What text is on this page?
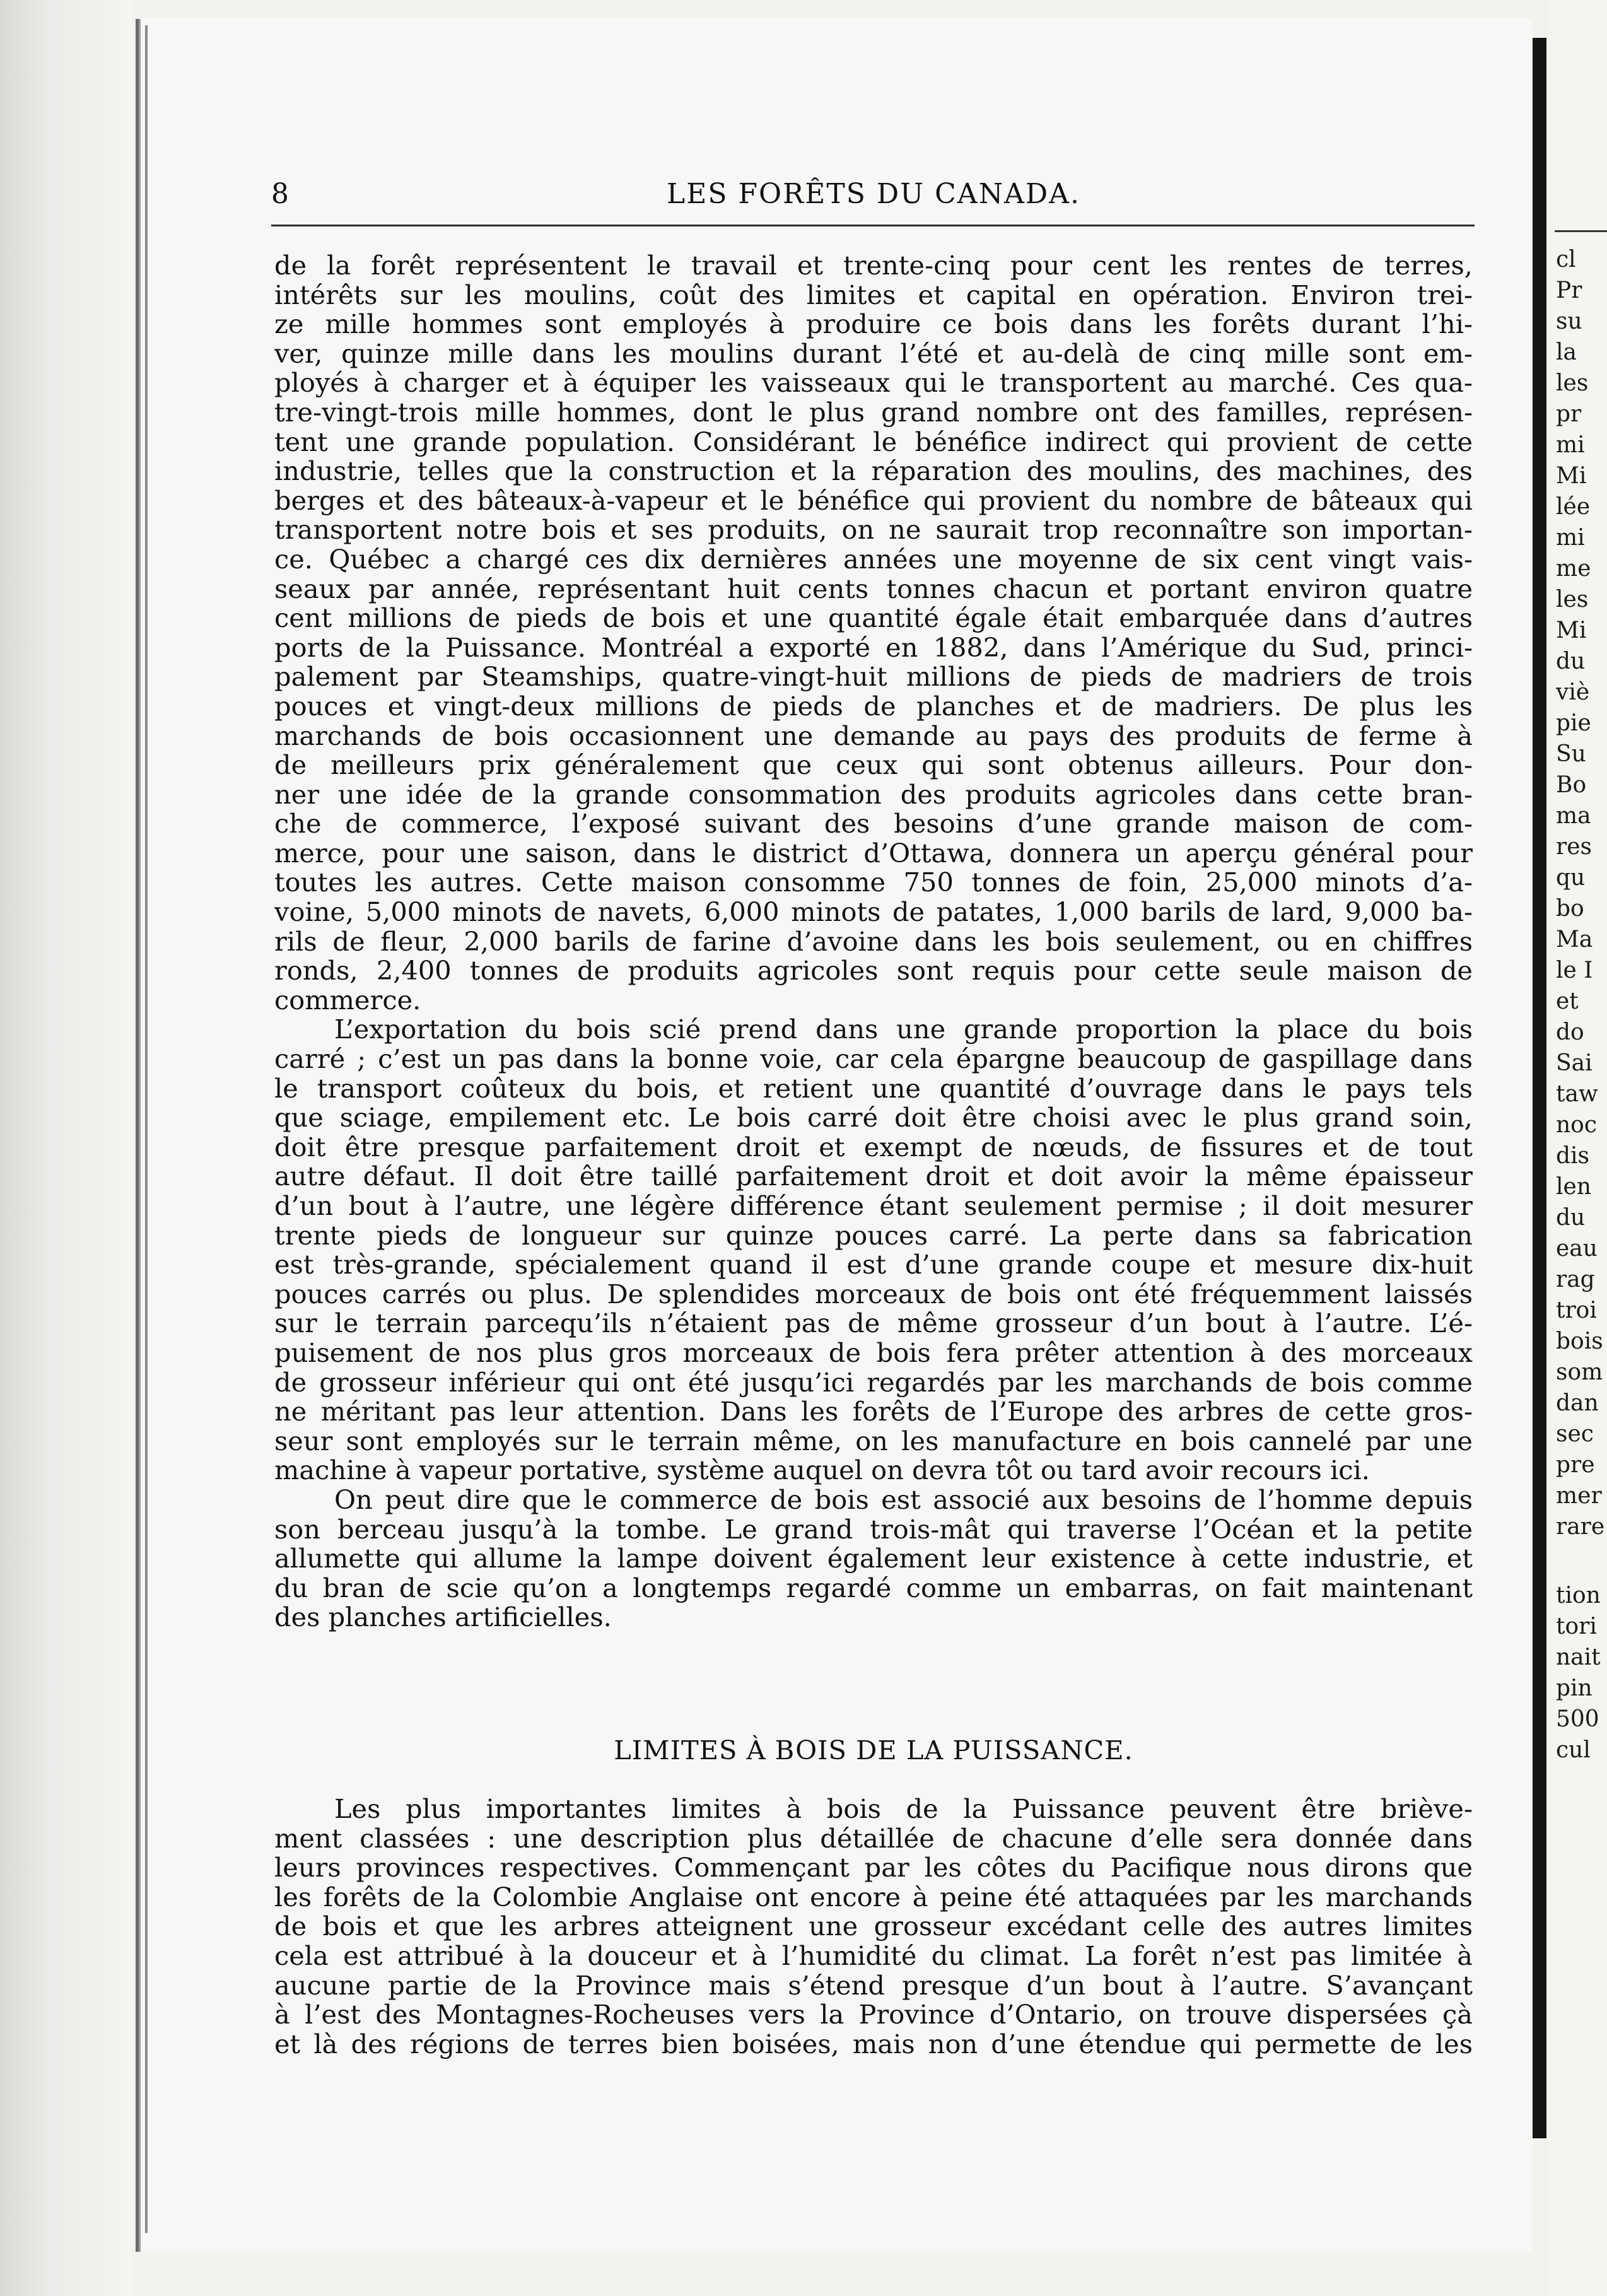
cl
Pr
su
la
les
pr
mi
Mi
lée
mi
me
les
Mi
du
viè
pie
Su
Bo
ma
res
qu
bo
Ma
le I
et
do
Sai
taw
noc
dis
len
du
eau
rag
troi
bois
som
dan
sec
pre
mer
rare
tion
tori
nait
pin
500
cul
8	LES FORÊTS DU CANADA.
de la forêt représentent le travail et trente-cinq pour cent les rentes de terres,
intérêts sur les moulins, coût des limites et capital en opération. Environ trei-
ze mille hommes sont employés à produire ce bois dans les forêts durant l’hi-
ver, quinze mille dans les moulins durant l’été et au-delà de cinq mille sont em-
ployés à charger et à équiper les vaisseaux qui le transportent au marché. Ces qua-
tre-vingt-trois mille hommes, dont le plus grand nombre ont des familles, représen-
tent une grande population. Considérant le bénéfice indirect qui provient de cette
industrie, telles que la construction et la réparation des moulins, des machines, des
berges et des bâteaux-à-vapeur et le bénéfice qui provient du nombre de bâteaux qui
transportent notre bois et ses produits, on ne saurait trop reconnaître son importan-
ce. Québec a chargé ces dix dernières années une moyenne de six cent vingt vais-
seaux par année, représentant huit cents tonnes chacun et portant environ quatre
cent millions de pieds de bois et une quantité égale était embarquée dans d’autres
ports de la Puissance. Montréal a exporté en 1882, dans l’Amérique du Sud, princi-
palement par Steamships, quatre-vingt-huit millions de pieds de madriers de trois
pouces et vingt-deux millions de pieds de planches et de madriers. De plus les
marchands de bois occasionnent une demande au pays des produits de ferme à
de meilleurs prix généralement que ceux qui sont obtenus ailleurs. Pour don-
ner une idée de la grande consommation des produits agricoles dans cette bran-
che de commerce, l’exposé suivant des besoins d’une grande maison de com-
merce, pour une saison, dans le district d’Ottawa, donnera un aperçu général pour
toutes les autres. Cette maison consomme 750 tonnes de foin, 25,000 minots d’a-
voine, 5,000 minots de navets, 6,000 minots de patates, 1,000 barils de lard, 9,000 ba-
rils de fleur, 2,000 barils de farine d’avoine dans les bois seulement, ou en chiffres
ronds, 2,400 tonnes de produits agricoles sont requis pour cette seule maison de
commerce.
L’exportation du bois scié prend dans une grande proportion la place du bois
carré ; c’est un pas dans la bonne voie, car cela épargne beaucoup de gaspillage dans
le transport coûteux du bois, et retient une quantité d’ouvrage dans le pays tels
que sciage, empilement etc. Le bois carré doit être choisi avec le plus grand soin,
doit être presque parfaitement droit et exempt de nœuds, de fissures et de tout
autre défaut. Il doit être taillé parfaitement droit et doit avoir la même épaisseur
d’un bout à l’autre, une légère différence étant seulement permise ; il doit mesurer
trente pieds de longueur sur quinze pouces carré. La perte dans sa fabrication
est très-grande, spécialement quand il est d’une grande coupe et mesure dix-huit
pouces carrés ou plus. De splendides morceaux de bois ont été fréquemment laissés
sur le terrain parcequ’ils n’étaient pas de même grosseur d’un bout à l’autre. L’é-
puisement de nos plus gros morceaux de bois fera prêter attention à des morceaux
de grosseur inférieur qui ont été jusqu’ici regardés par les marchands de bois comme
ne méritant pas leur attention. Dans les forêts de l’Europe des arbres de cette gros-
seur sont employés sur le terrain même, on les manufacture en bois cannelé par une
machine à vapeur portative, système auquel on devra tôt ou tard avoir recours ici.
On peut dire que le commerce de bois est associé aux besoins de l’homme depuis
son berceau jusqu’à la tombe. Le grand trois-mât qui traverse l’Océan et la petite
allumette qui allume la lampe doivent également leur existence à cette industrie, et
du bran de scie qu’on a longtemps regardé comme un embarras, on fait maintenant
des planches artificielles.
LIMITES À BOIS DE LA PUISSANCE.
Les plus importantes limites à bois de la Puissance peuvent être briève-
ment classées : une description plus détaillée de chacune d’elle sera donnée dans
leurs provinces respectives. Commençant par les côtes du Pacifique nous dirons que
les forêts de la Colombie Anglaise ont encore à peine été attaquées par les marchands
de bois et que les arbres atteignent une grosseur excédant celle des autres limites
cela est attribué à la douceur et à l’humidité du climat. La forêt n’est pas limitée à
aucune partie de la Province mais s’étend presque d’un bout à l’autre. S’avançant
à l’est des Montagnes-Rocheuses vers la Province d’Ontario, on trouve dispersées çà
et là des régions de terres bien boisées, mais non d’une étendue qui permette de les
